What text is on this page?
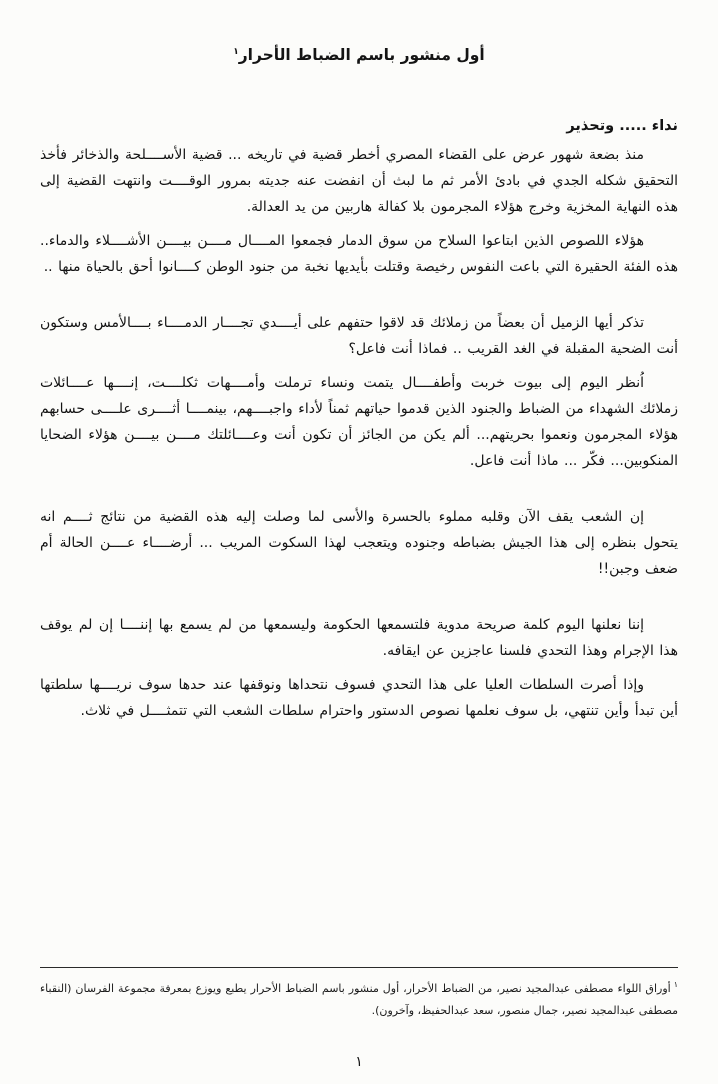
أول منشور باسم الضباط الأحرار$^١$

نداء ..... وتحذير

منذ بضعة شهور عرض على القضاء المصري أخطر قضية في تاريخه ... قضية الأســــلحة والذخائر فأخذ التحقيق شكله الجدي في بادئ الأمر ثم ما لبث أن انفضت عنه جديته بمرور الوقــــت وانتهت القضية إلى هذه النهاية المخزية وخرج هؤلاء المجرمون بلا كفالة هاربين من يد العدالة.

هؤلاء اللصوص الذين ابتاعوا السلاح من سوق الدمار فجمعوا المــــال مــــن بيــــن الأشــــلاء والدماء.. هذه الفئة الحقيرة التي باعت النفوس رخيصة وقتلت بأيديها نخبة من جنود الوطن كــــانوا أحق بالحياة منها ..

تذكر أيها الزميل أن بعضاً من زملائك قد لاقوا حتفهم على أيــــدي تجــــار الدمــــاء بــــالأمس وستكون أنت الضحية المقبلة في الغد القريب .. فماذا أنت فاعل؟

اُنظر اليوم إلى بيوت خربت وأطفــــال يتمت ونساء ترملت وأمــــهات ثكلــــت، إنــــها عــــائلات زملائك الشهداء من الضباط والجنود الذين قدموا حياتهم ثمناً لأداء واجبــــهم، بينمــــا أثــــرى علــــى حسابهم هؤلاء المجرمون ونعموا بحريتهم... ألم يكن من الجائز أن تكون أنت وعــــائلتك مــــن بيــــن هؤلاء الضحايا المنكوبين... فكّر ... ماذا أنت فاعل.

إن الشعب يقف الآن وقلبه مملوء بالحسرة والأسى لما وصلت إليه هذه القضية من نتائج ثــــم انه يتحول بنظره إلى هذا الجيش بضباطه وجنوده ويتعجب لهذا السكوت المريب ... أرضــــاء عــــن الحالة أم ضعف وجبن!!

إننا نعلنها اليوم كلمة صريحة مدوية فلتسمعها الحكومة وليسمعها من لم يسمع بها إننــــا إن لم يوقف هذا الإجرام وهذا التحدي فلسنا عاجزين عن ايقافه.

وإذا أصرت السلطات العليا على هذا التحدي فسوف نتحداها ونوقفها عند حدها سوف نريــــها سلطتها أين تبدأ وأين تنتهي، بل سوف نعلمها نصوص الدستور واحترام سلطات الشعب التي تتمثــــل في ثلاث.

$^١$أوراق اللواء مصطفى عبدالمجيد نصير، من الضباط الأحرار، أول منشور باسم الضباط الأحرار يطبع ويوزع بمعرفة مجموعة الفرسان (النقباء مصطفى عبدالمجيد نصير، جمال منصور، سعد عبدالحفيظ، وآخرون).
١
